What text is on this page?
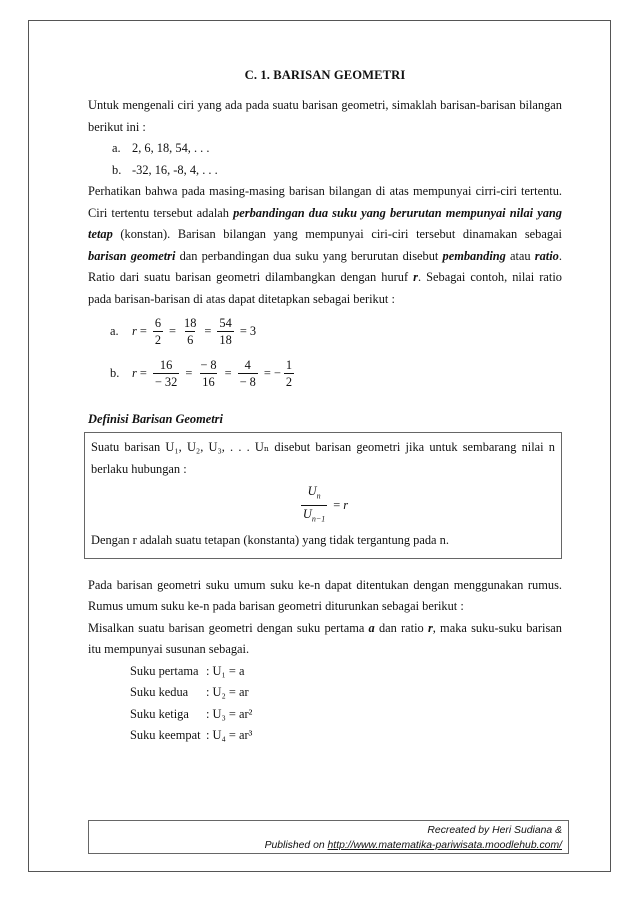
C. 1. BARISAN GEOMETRI

Untuk mengenali ciri yang ada pada suatu barisan geometri, simaklah barisan-barisan bilangan berikut ini :

a. 2, 6, 18, 54, . . .
b. -32, 16, -8, 4, . . .

Perhatikan bahwa pada masing-masing barisan bilangan di atas mempunyai cirri-ciri tertentu. Ciri tertentu tersebut adalah perbandingan dua suku yang berurutan mempunyai nilai yang tetap (konstan). Barisan bilangan yang mempunyai ciri-ciri tersebut dinamakan sebagai barisan geometri dan perbandingan dua suku yang berurutan disebut pembanding atau ratio. Ratio dari suatu barisan geometri dilambangkan dengan huruf r. Sebagai contoh, nilai ratio pada barisan-barisan di atas dapat ditetapkan sebagai berikut :

a.	$r = \frac{6}{2} = \frac{18}{6} = \frac{54}{18} = 3$
b.	$r = \frac{16}{- 32} = \frac{- 8}{16} = \frac{4}{- 8}$ = − $\frac{1}{2}$

Definisi Barisan Geometri

Suatu barisan U₁, U₂, U₃, . . . Uₙ disebut barisan geometri jika untuk sembarang nilai n berlaku hubungan :

$\frac{U_n}{U_{n-1}} = r$

Dengan r adalah suatu tetapan (konstanta) yang tidak tergantung pada n.

Pada barisan geometri suku umum suku ke-n dapat ditentukan dengan menggunakan rumus. Rumus umum suku ke-n pada barisan geometri diturunkan sebagai berikut :

Misalkan suatu barisan geometri dengan suku pertama a dan ratio r, maka suku-suku barisan itu mempunyai susunan sebagai.

Suku pertama : U₁ = a
Suku kedua	: U₂ = ar
Suku ketiga	: U₃ = ar²
Suku keempat : U₄ = ar³
Recreated by Heri Sudiana &
Published on http://www.matematika-pariwisata.moodlehub.com/
